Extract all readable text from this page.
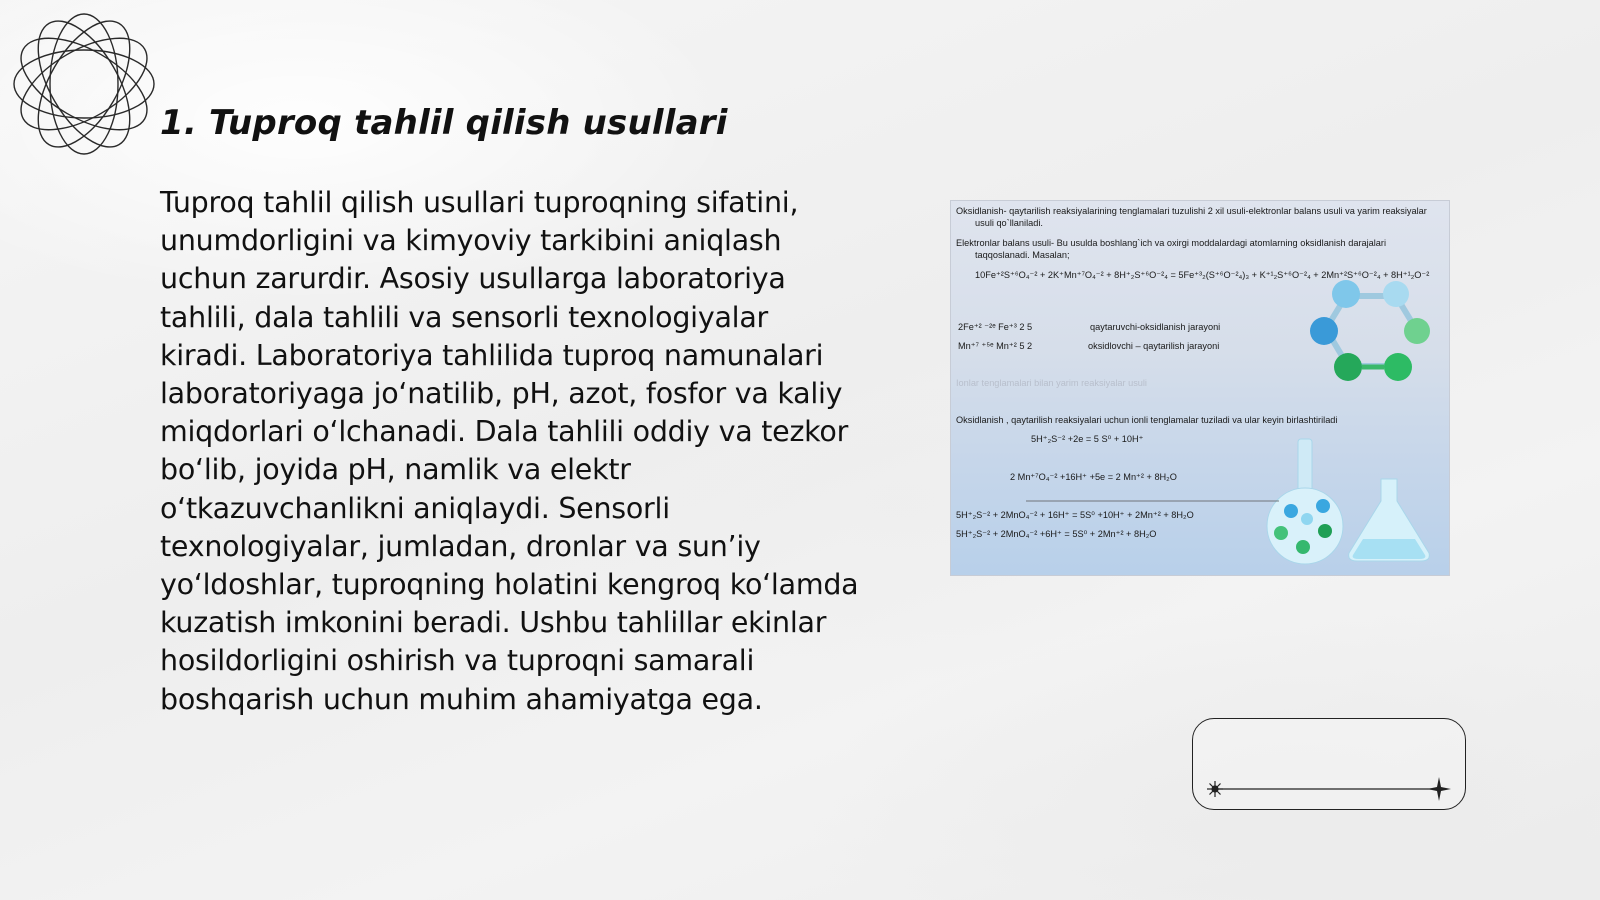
1. Tuproq tahlil qilish usullari
Tuproq tahlil qilish usullari tuproqning sifatini, unumdorligini va kimyoviy tarkibini aniqlash uchun zarurdir. Asosiy usullarga laboratoriya tahlili, dala tahlili va sensorli texnologiyalar kiradi. Laboratoriya tahlilida tuproq namunalari laboratoriyaga jo‘natilib, pH, azot, fosfor va kaliy miqdorlari o‘lchanadi. Dala tahlili oddiy va tezkor bo‘lib, joyida pH, namlik va elektr o‘tkazuvchanlikni aniqlaydi. Sensorli texnologiyalar, jumladan, dronlar va sun’iy yo‘ldoshlar, tuproqning holatini kengroq ko‘lamda kuzatish imkonini beradi. Ushbu tahlillar ekinlar hosildorligini oshirish va tuproqni samarali boshqarish uchun muhim ahamiyatga ega.
Oksidlanish- qaytarilish reaksiyalarining tenglamalari tuzulishi 2 xil usuli-elektronlar balans usuli va yarim reaksiyalar usuli qo`llaniladi.
Elektronlar balans usuli- Bu usulda boshlang`ich va oxirgi moddalardagi atomlarning oksidlanish darajalari taqqoslanadi. Masalan;
10Fe⁺²S⁺⁶O₄⁻² + 2K⁺Mn⁺⁷O₄⁻² + 8H⁺₂S⁺⁶O⁻²₄ = 5Fe⁺³₂(S⁺⁶O⁻²₄)₃ + K⁺¹₂S⁺⁶O⁻²₄ + 2Mn⁺²S⁺⁶O⁻²₄ + 8H⁺¹₂O⁻²
2Fe⁺² ⁻²ᵉ Fe⁺³ 2 5	qaytaruvchi-oksidlanish jarayoni
Mn⁺⁷ ⁺⁵ᵉ Mn⁺² 5 2	oksidlovchi – qaytarilish jarayoni
Ionlar tenglamalari bilan yarim reaksiyalar usuli
Oksidlanish , qaytarilish reaksiyalari uchun ionli tenglamalar tuziladi va ular keyin birlashtiriladi
5H⁺₂S⁻² +2e = 5 S⁰ + 10H⁺
2 Mn⁺⁷O₄⁻² +16H⁺ +5e = 2 Mn⁺² + 8H₂O
5H⁺₂S⁻² + 2MnO₄⁻² + 16H⁺ = 5S⁰ +10H⁺ + 2Mn⁺² + 8H₂O
5H⁺₂S⁻² + 2MnO₄⁻² +6H⁺ = 5S⁰ + 2Mn⁺² + 8H₂O
